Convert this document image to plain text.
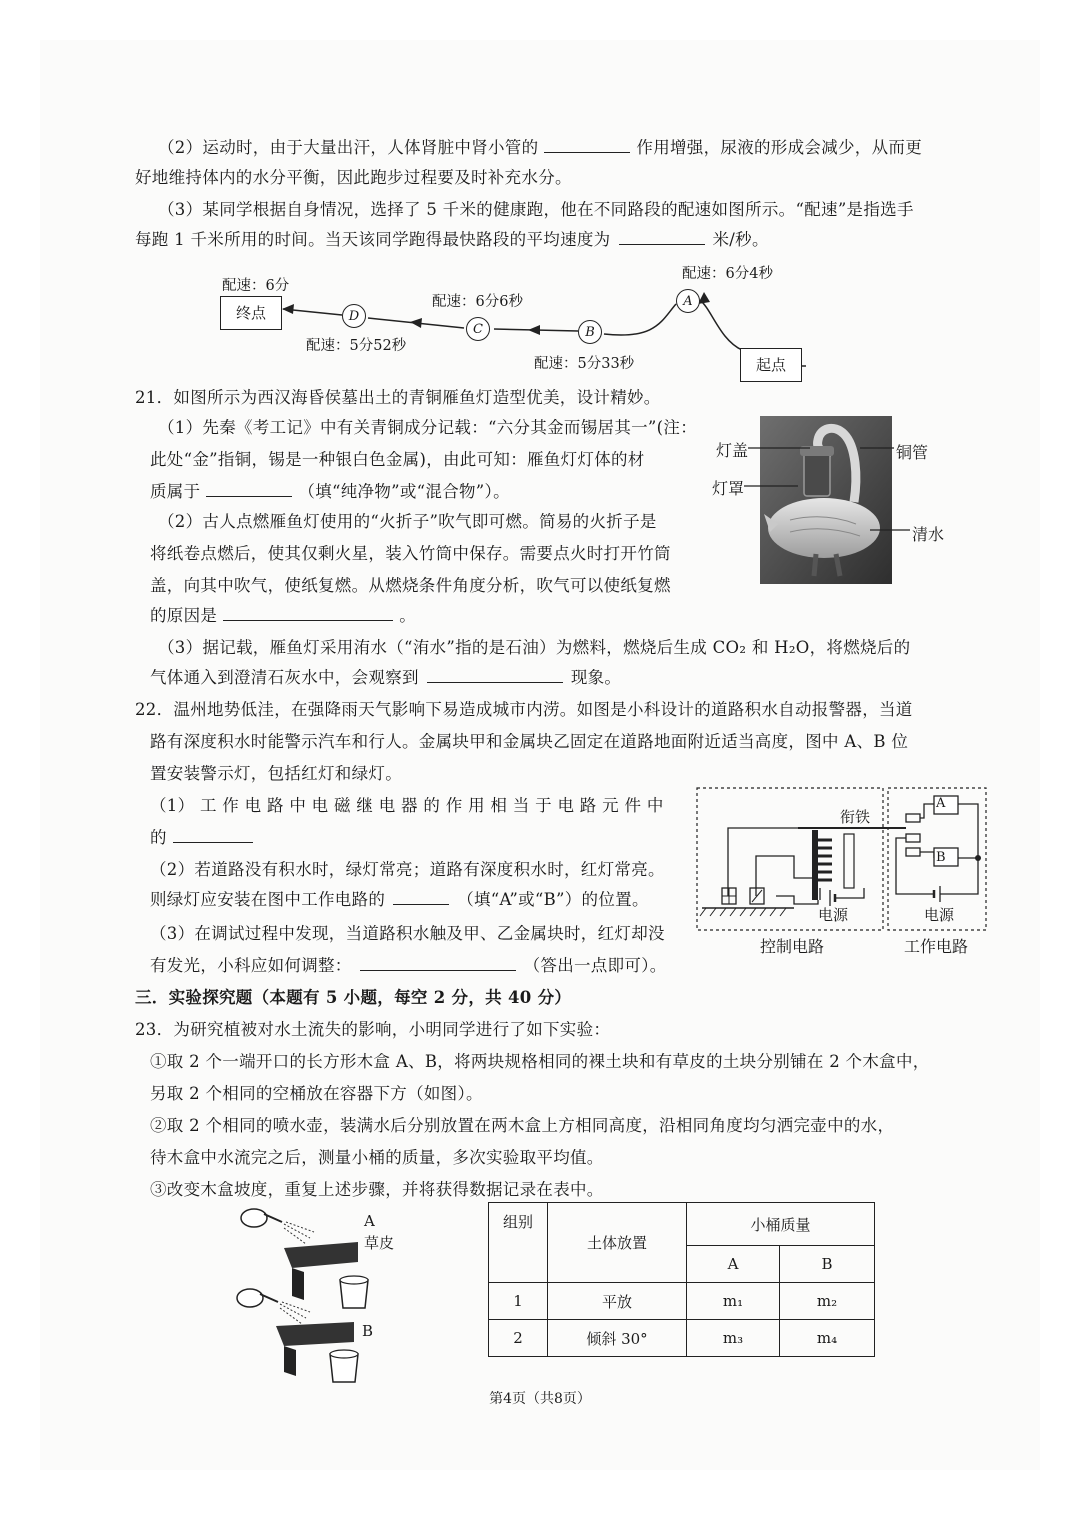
（2）运动时，由于大量出汗，人体肾脏中肾小管的	作用增强，尿液的形成会减少，从而更
好地维持体内的水分平衡，因此跑步过程要及时补充水分。
（3）某同学根据自身情况，选择了 5 千米的健康跑，他在不同路段的配速如图所示。“配速”是指选手
每跑 1 千米所用的时间。当天该同学跑得最快路段的平均速度为	米/秒。
终点
起点
A
B
C
D
配速：6分
配速：5分52秒
配速：6分6秒
配速：5分33秒
配速：6分4秒
21．如图所示为西汉海昏侯墓出土的青铜雁鱼灯造型优美，设计精妙。
（1）先秦《考工记》中有关青铜成分记载：“六分其金而锡居其一”(注：
此处“金”指铜，锡是一种银白色金属)，由此可知：雁鱼灯灯体的材
质属于	（填“纯净物”或“混合物”）。
（2）古人点燃雁鱼灯使用的“火折子”吹气即可燃。简易的火折子是
将纸卷点燃后，使其仅剩火星，装入竹筒中保存。需要点火时打开竹筒
盖，向其中吹气，使纸复燃。从燃烧条件角度分析，吹气可以使纸复燃
的原因是	。
（3）据记载，雁鱼灯采用洧水（“洧水”指的是石油）为燃料，燃烧后生成 CO₂ 和 H₂O，将燃烧后的
气体通入到澄清石灰水中，会观察到	现象。
灯盖
灯罩
铜管
清水
22．温州地势低洼，在强降雨天气影响下易造成城市内涝。如图是小科设计的道路积水自动报警器，当道
路有深度积水时能警示汽车和行人。金属块甲和金属块乙固定在道路地面附近适当高度，图中 A、B 位
置安装警示灯，包括红灯和绿灯。
（1） 工 作 电 路 中 电 磁 继 电 器 的 作 用 相 当 于 电 路 元 件 中
的
（2）若道路没有积水时，绿灯常亮；道路有深度积水时，红灯常亮。
则绿灯应安装在图中工作电路的	（填“A”或“B”）的位置。
（3）在调试过程中发现，当道路积水触及甲、乙金属块时，红灯却没
有发光，小科应如何调整：	（答出一点即可）。
A
B
衔铁
电源	电源
控制电路	工作电路
三．实验探究题（本题有 5 小题，每空 2 分，共 40 分）
23．为研究植被对水土流失的影响，小明同学进行了如下实验：
①取 2 个一端开口的长方形木盒 A、B，将两块规格相同的裸土块和有草皮的土块分别铺在 2 个木盒中，
另取 2 个相同的空桶放在容器下方（如图）。
②取 2 个相同的喷水壶，装满水后分别放置在两木盒上方相同高度，沿相同角度均匀洒完壶中的水，
待木盒中水流完之后，测量小桶的质量，多次实验取平均值。
③改变木盒坡度，重复上述步骤，并将获得数据记录在表中。
A
草皮
B
组别	土体放置	小桶质量	
		A	B
1	平放	m₁	m₂
2	倾斜 30°	m₃	m₄
第4页（共8页）
